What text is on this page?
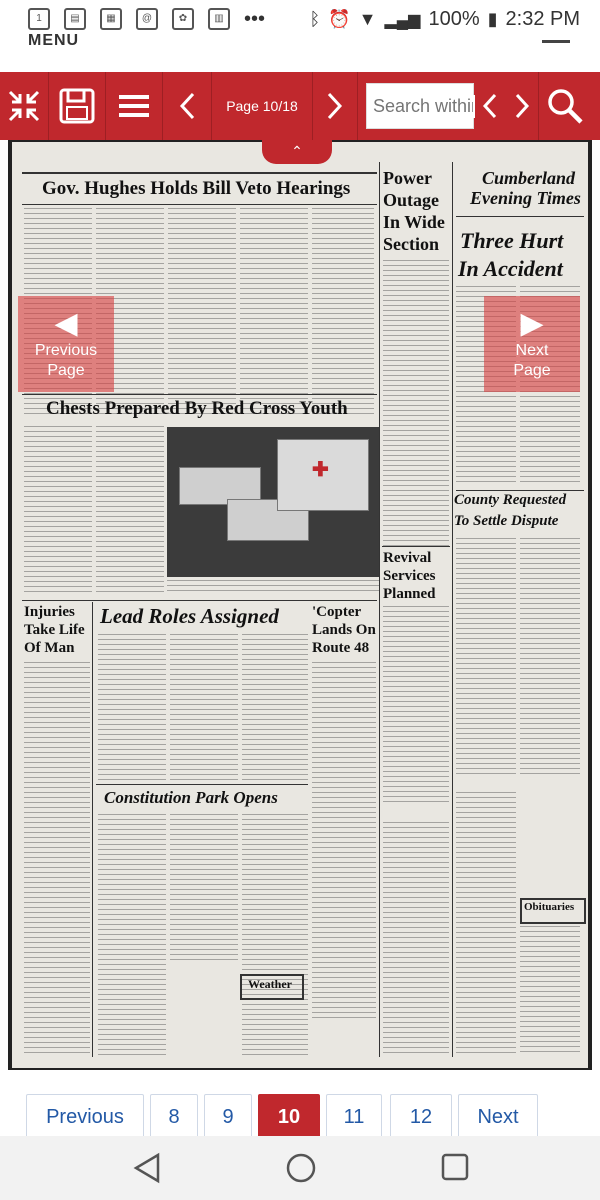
1	▤	▦	@	✿	▥	••• ᛒ ⏰ ▼ ▂▄▆ 100% ▮ 2:32 PM
MENU
Page 10/18
Search within
Gov. Hughes Holds Bill Veto Hearings Power
Outage
In Wide
Section
Cumberland
Evening Times
Three Hurt
In Accident
Chests Prepared By Red Cross Youth
✚
County Requested
To Settle Dispute
Revival
Services
Planned
Injuries
Take Life
Of Man
Lead Roles Assigned 'Copter
Lands On
Route 48
Constitution Park Opens
Weather
Obituaries
◀
Previous
Page
▶
Next
Page
⌃
Previous	8	9	10	11	12	Next
